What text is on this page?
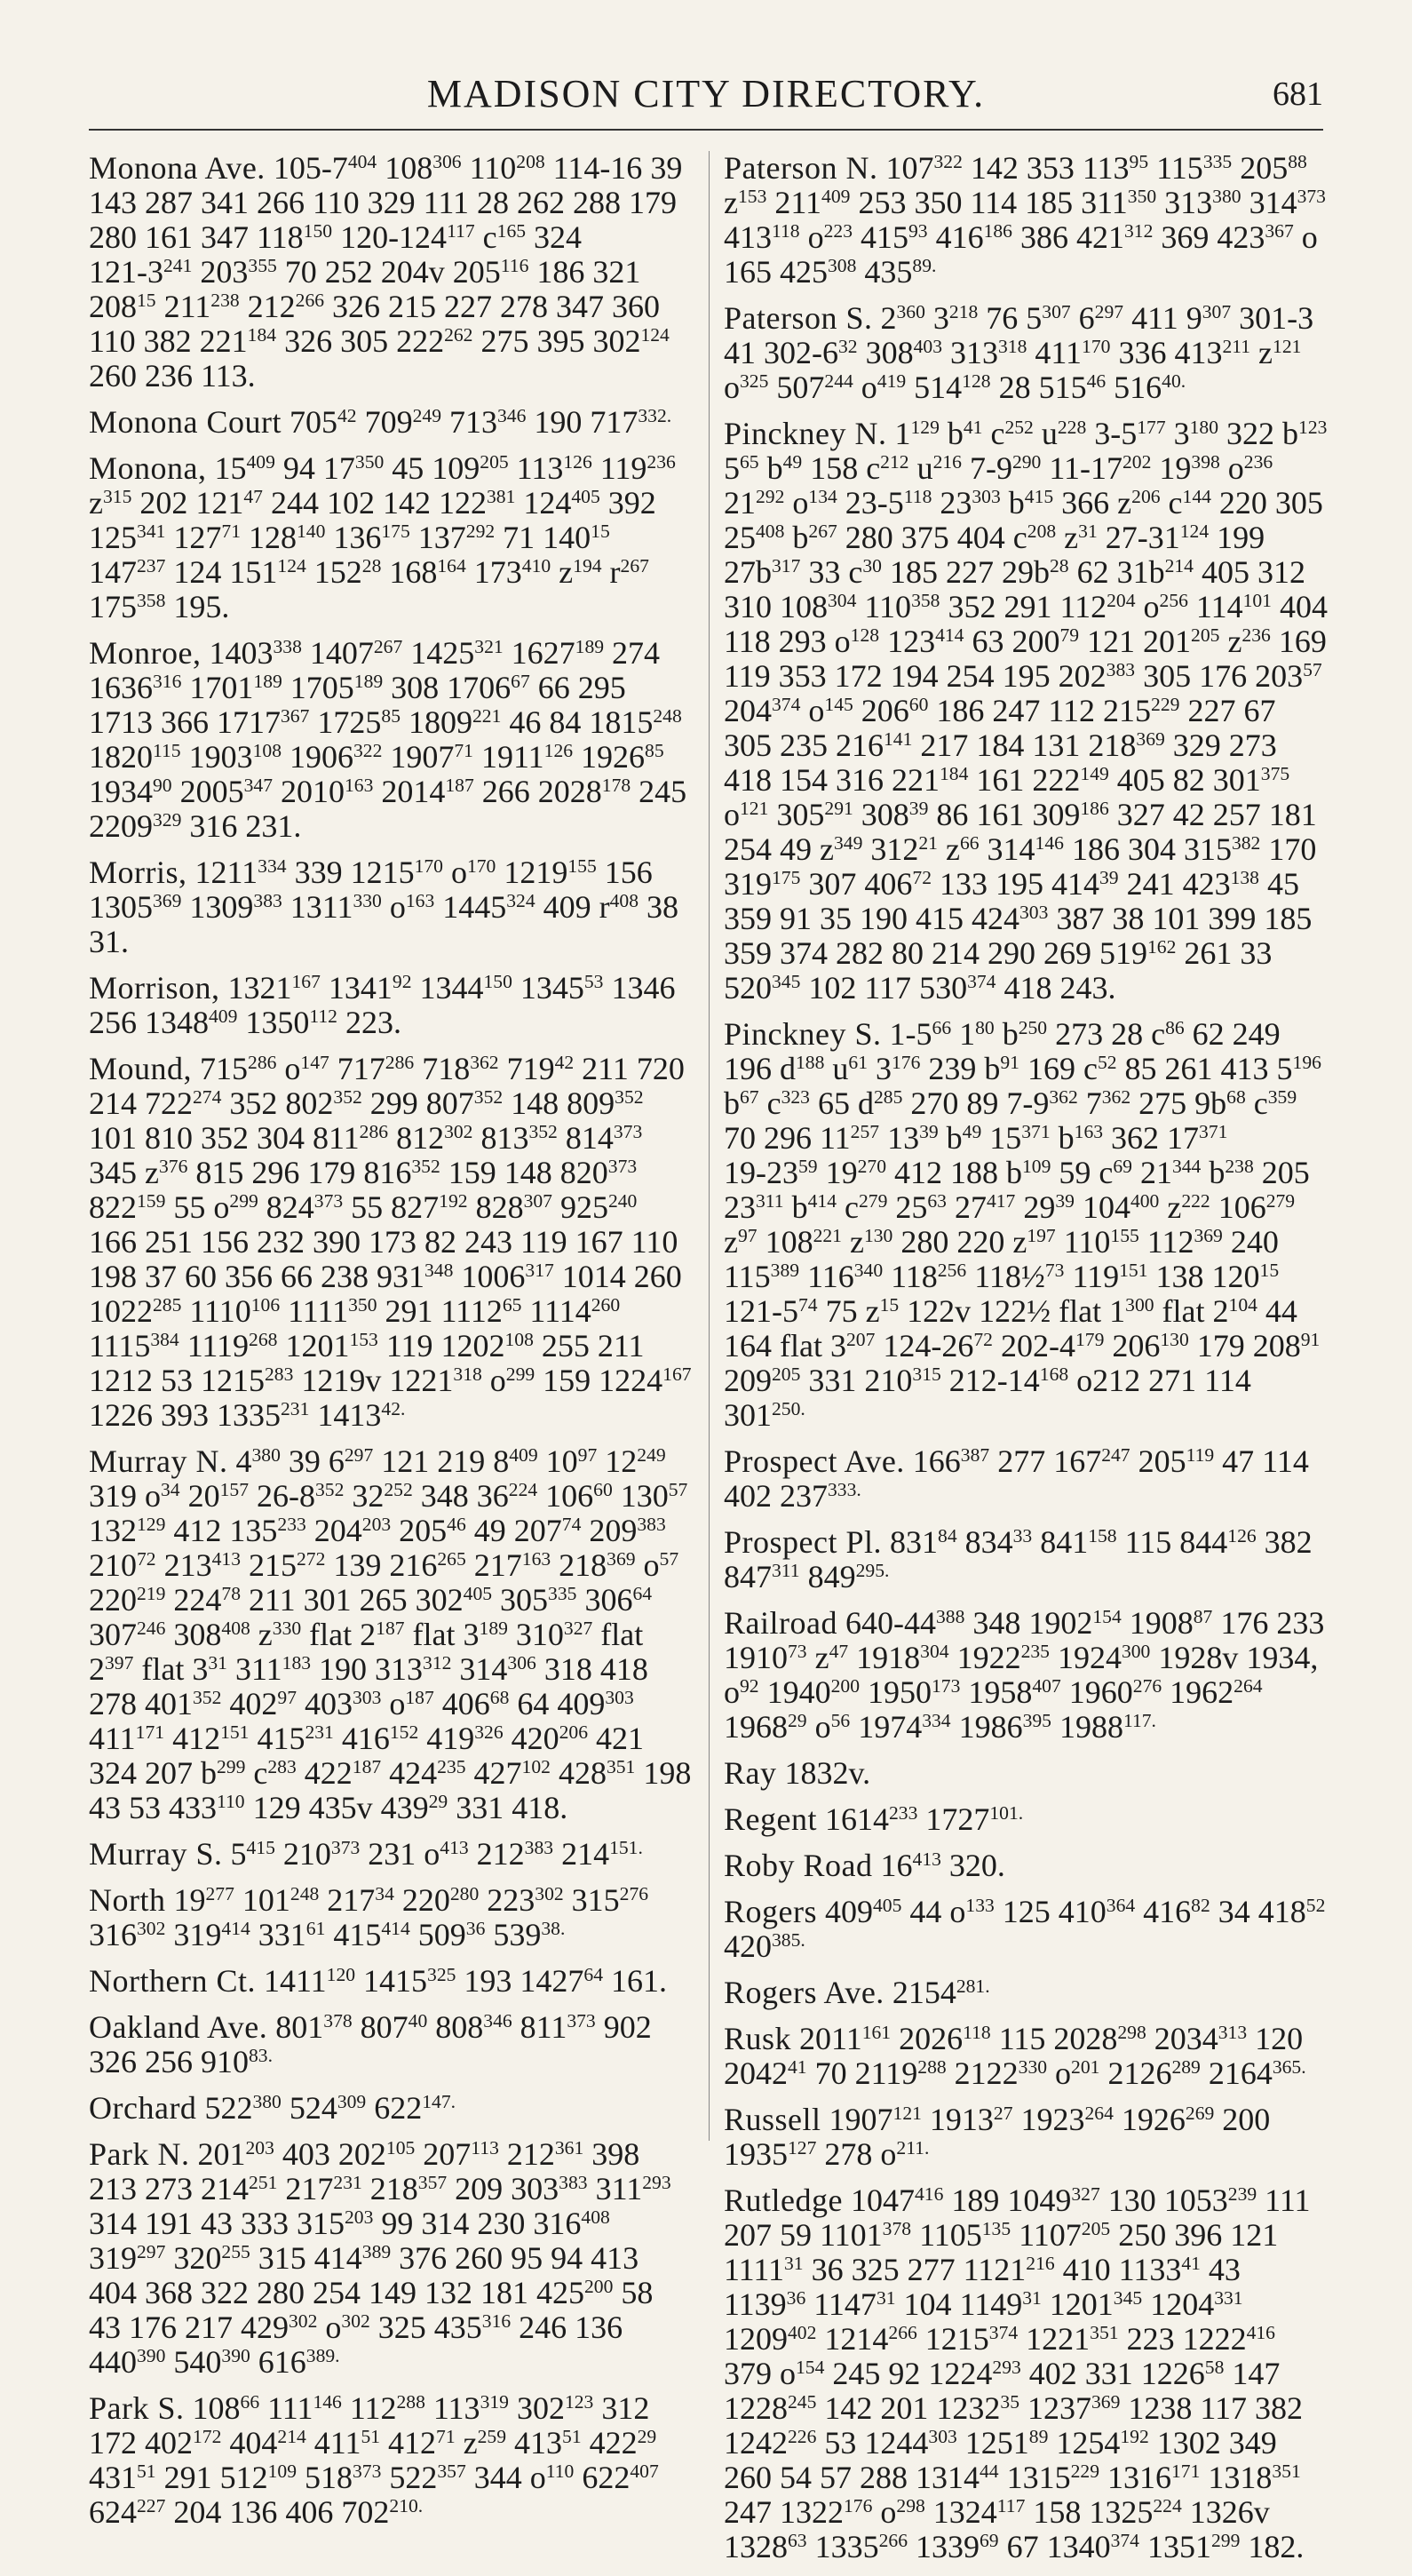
MADISON CITY DIRECTORY.	681
Monona Ave. $105-7^{404}$ $108^{306}$ $110^{208}$ 114-16 39 143 287 341 266 110 329 111 28 262 288 179 280 161 347 $118^{150}$ $120-124^{117}$ $c^{165}$ 324 $121-3^{241}$ $203^{355}$ 70 252 204v $205^{116}$ 186 321 $208^{15}$ $211^{238}$ $212^{266}$ 326 215 227 278 347 360 110 382 $221^{184}$ 326 305 $222^{262}$ 275 395 $302^{124}$ 260 236 113.
Monona Court $705^{42}$ $709^{249}$ $713^{346}$ 190 $717^{332.}$
Monona, $15^{409}$ 94 $17^{350}$ 45 $109^{205}$ $113^{126}$ $119^{236}$ $z^{315}$ 202 $121^{47}$ 244 102 142 $122^{381}$ $124^{405}$ 392 $125^{341}$ $127^{71}$ $128^{140}$ $136^{175}$ $137^{292}$ 71 $140^{15}$ $147^{237}$ 124 $151^{124}$ $152^{28}$ $168^{164}$ $173^{410}$ $z^{194}$ $r^{267}$ $175^{358}$ 195.
Monroe, 1403$^{338}$ 1407$^{267}$ 1425$^{321}$ 1627$^{189}$ 274 1636$^{316}$ 1701$^{189}$ 1705$^{189}$ 308 1706$^{67}$ 66 295 1713 366 1717$^{367}$ 1725$^{85}$ 1809$^{221}$ 46 84 1815$^{248}$ 1820$^{115}$ 1903$^{108}$ 1906$^{322}$ 1907$^{71}$ 1911$^{126}$ 1926$^{85}$ 1934$^{90}$ 2005$^{347}$ 2010$^{163}$ 2014$^{187}$ 266 2028$^{178}$ 245 2209$^{329}$ 316 231.
Morris, 1211$^{334}$ 339 1215$^{170}$ $o^{170}$ 1219$^{155}$ 156 1305$^{369}$ 1309$^{383}$ 1311$^{330}$ $o^{163}$ 1445$^{324}$ 409 $r^{408}$ 38 31.
Morrison, 1321$^{167}$ 1341$^{92}$ 1344$^{150}$ 1345$^{53}$ 1346 256 1348$^{409}$ 1350$^{112}$ 223.
Mound, $715^{286}$ $o^{147}$ $717^{286}$ $718^{362}$ $719^{42}$ 211 720 214 $722^{274}$ 352 $802^{352}$ 299 $807^{352}$ 148 $809^{352}$ 101 810 352 304 $811^{286}$ $812^{302}$ $813^{352}$ $814^{373}$ 345 $z^{376}$ 815 296 179 $816^{352}$ 159 148 $820^{373}$ $822^{159}$ 55 $o^{299}$ $824^{373}$ 55 $827^{192}$ $828^{307}$ $925^{240}$ 166 251 156 232 390 173 82 243 119 167 110 198 37 60 356 66 238 $931^{348}$ 1006$^{317}$ 1014 260 1022$^{285}$ 1110$^{106}$ 1111$^{350}$ 291 1112$^{65}$ 1114$^{260}$ 1115$^{384}$ 1119$^{268}$ 1201$^{153}$ 119 1202$^{108}$ 255 211 1212 53 1215$^{283}$ 1219v 1221$^{318}$ $o^{299}$ 159 1224$^{167}$ 1226 393 1335$^{231}$ $1413^{42.}$
Murray N. $4^{380}$ 39 $6^{297}$ 121 219 $8^{409}$ $10^{97}$ $12^{249}$ 319 $o^{34}$ $20^{157}$ $26-8^{352}$ $32^{252}$ 348 $36^{224}$ $106^{60}$ $130^{57}$ $132^{129}$ 412 $135^{233}$ $204^{203}$ $205^{46}$ 49 $207^{74}$ $209^{383}$ $210^{72}$ $213^{413}$ $215^{272}$ 139 $216^{265}$ $217^{163}$ $218^{369}$ $o^{57}$ $220^{219}$ $224^{78}$ 211 301 265 $302^{405}$ $305^{335}$ $306^{64}$ $307^{246}$ $308^{408}$ $z^{330}$ flat $2^{187}$ flat $3^{189}$ $310^{327}$ flat $2^{397}$ flat $3^{31}$ $311^{183}$ 190 $313^{312}$ $314^{306}$ 318 418 278 $401^{352}$ $402^{97}$ $403^{303}$ $o^{187}$ $406^{68}$ 64 $409^{303}$ $411^{171}$ $412^{151}$ $415^{231}$ $416^{152}$ $419^{326}$ $420^{206}$ 421 324 207 $b^{299}$ $c^{283}$ $422^{187}$ $424^{235}$ $427^{102}$ $428^{351}$ 198 43 53 $433^{110}$ 129 435v $439^{29}$ 331 418.
Murray S. $5^{415}$ $210^{373}$ 231 $o^{413}$ $212^{383}$ $214^{151.}$
North $19^{277}$ $101^{248}$ $217^{34}$ $220^{280}$ $223^{302}$ $315^{276}$ $316^{302}$ $319^{414}$ $331^{61}$ $415^{414}$ $509^{36}$ $539^{38.}$
Northern Ct. 1411$^{120}$ 1415$^{325}$ 193 1427$^{64}$ 161.
Oakland Ave. $801^{378}$ $807^{40}$ $808^{346}$ $811^{373}$ 902 326 256 $910^{83.}$
Orchard $522^{380}$ $524^{309}$ $622^{147.}$
Park N. $201^{203}$ 403 $202^{105}$ $207^{113}$ $212^{361}$ 398 213 273 $214^{251}$ $217^{231}$ $218^{357}$ 209 $303^{383}$ $311^{293}$ 314 191 43 333 $315^{203}$ 99 314 230 $316^{408}$ $319^{297}$ $320^{255}$ 315 $414^{389}$ 376 260 95 94 413 404 368 322 280 254 149 132 181 $425^{200}$ 58 43 176 217 $429^{302}$ $o^{302}$ 325 $435^{316}$ 246 136 $440^{390}$ $540^{390}$ $616^{389.}$
Park S. $108^{66}$ $111^{146}$ $112^{288}$ $113^{319}$ $302^{123}$ 312 172 $402^{172}$ $404^{214}$ $411^{51}$ $412^{71}$ $z^{259}$ $413^{51}$ $422^{29}$ $431^{51}$ 291 $512^{109}$ $518^{373}$ $522^{357}$ 344 $o^{110}$ $622^{407}$ $624^{227}$ 204 136 406 $702^{210.}$
Paterson N. $107^{322}$ 142 353 $113^{95}$ $115^{335}$ $205^{88}$ $z^{153}$ $211^{409}$ 253 350 114 185 $311^{350}$ $313^{380}$ $314^{373}$ $413^{118}$ $o^{223}$ $415^{93}$ $416^{186}$ 386 $421^{312}$ 369 $423^{367}$ o 165 $425^{308}$ $435^{89.}$
Paterson S. $2^{360}$ $3^{218}$ 76 $5^{307}$ $6^{297}$ 411 $9^{307}$ 301-3 41 $302-6^{32}$ $308^{403}$ $313^{318}$ $411^{170}$ 336 $413^{211}$ $z^{121}$ $o^{325}$ $507^{244}$ $o^{419}$ $514^{128}$ 28 $515^{46}$ $516^{40.}$
Pinckney N. $1^{129}$ $b^{41}$ $c^{252}$ $u^{228}$ $3-5^{177}$ $3^{180}$ 322 $b^{123}$ $5^{65}$ $b^{49}$ 158 $c^{212}$ $u^{216}$ $7-9^{290}$ $11-17^{202}$ $19^{398}$ $o^{236}$ $21^{292}$ $o^{134}$ $23-5^{118}$ $23^{303}$ $b^{415}$ 366 $z^{206}$ $c^{144}$ 220 305 $25^{408}$ $b^{267}$ 280 375 404 $c^{208}$ $z^{31}$ $27-31^{124}$ 199 $27b^{317}$ 33 $c^{30}$ 185 227 $29b^{28}$ 62 $31b^{214}$ 405 312 310 $108^{304}$ $110^{358}$ 352 291 $112^{204}$ $o^{256}$ $114^{101}$ 404 118 293 $o^{128}$ $123^{414}$ 63 $200^{79}$ 121 $201^{205}$ $z^{236}$ 169 119 353 172 194 254 195 $202^{383}$ 305 176 $203^{57}$ $204^{374}$ $o^{145}$ $206^{60}$ 186 247 112 $215^{229}$ 227 67 305 235 $216^{141}$ 217 184 131 $218^{369}$ 329 273 418 154 316 $221^{184}$ 161 $222^{149}$ 405 82 $301^{375}$ $o^{121}$ $305^{291}$ $308^{39}$ 86 161 $309^{186}$ 327 42 257 181 254 49 $z^{349}$ $312^{21}$ $z^{66}$ $314^{146}$ 186 304 $315^{382}$ 170 $319^{175}$ 307 $406^{72}$ 133 195 $414^{39}$ 241 $423^{138}$ 45 359 91 35 190 415 $424^{303}$ 387 38 101 399 185 359 374 282 80 214 290 269 $519^{162}$ 261 33 $520^{345}$ 102 117 $530^{374}$ 418 243.
Pinckney S. $1-5^{66}$ $1^{80}$ $b^{250}$ 273 28 $c^{86}$ 62 249 196 $d^{188}$ $u^{61}$ $3^{176}$ 239 $b^{91}$ 169 $c^{52}$ 85 261 413 $5^{196}$ $b^{67}$ $c^{323}$ 65 $d^{285}$ 270 89 $7-9^{362}$ $7^{362}$ 275 $9b^{68}$ $c^{359}$ 70 296 $11^{257}$ $13^{39}$ $b^{49}$ $15^{371}$ $b^{163}$ 362 $17^{371}$ $19-23^{59}$ $19^{270}$ 412 188 $b^{109}$ 59 $c^{69}$ $21^{344}$ $b^{238}$ 205 $23^{311}$ $b^{414}$ $c^{279}$ $25^{63}$ $27^{417}$ $29^{39}$ $104^{400}$ $z^{222}$ $106^{279}$ $z^{97}$ $108^{221}$ $z^{130}$ 280 220 $z^{197}$ $110^{155}$ $112^{369}$ 240 $115^{389}$ $116^{340}$ $118^{256}$ 118½$^{73}$ $119^{151}$ 138 $120^{15}$ $121-5^{74}$ 75 $z^{15}$ 122v 122½ flat $1^{300}$ flat $2^{104}$ 44 164 flat $3^{207}$ $124-26^{72}$ $202-4^{179}$ $206^{130}$ 179 $208^{91}$ $209^{205}$ 331 $210^{315}$ $212-14^{168}$ o212 271 114 $301^{250.}$
Prospect Ave. $166^{387}$ 277 $167^{247}$ $205^{119}$ 47 114 402 $237^{333.}$
Prospect Pl. $831^{84}$ $834^{33}$ $841^{158}$ 115 $844^{126}$ 382 $847^{311}$ $849^{295.}$
Railroad $640-44^{388}$ 348 1902$^{154}$ 1908$^{87}$ 176 233 1910$^{73}$ $z^{47}$ 1918$^{304}$ 1922$^{235}$ 1924$^{300}$ 1928v 1934, $o^{92}$ 1940$^{200}$ 1950$^{173}$ 1958$^{407}$ 1960$^{276}$ 1962$^{264}$ 1968$^{29}$ $o^{56}$ 1974$^{334}$ 1986$^{395}$ $1988^{117.}$
Ray 1832v.
Regent 1614$^{233}$ $1727^{101.}$
Roby Road $16^{413}$ 320.
Rogers $409^{405}$ 44 $o^{133}$ 125 $410^{364}$ $416^{82}$ 34 $418^{52}$ $420^{385.}$
Rogers Ave. $2154^{281.}$
Rusk 2011$^{161}$ 2026$^{118}$ 115 2028$^{298}$ 2034$^{313}$ 120 2042$^{41}$ 70 2119$^{288}$ 2122$^{330}$ $o^{201}$ 2126$^{289}$ $2164^{365.}$
Russell 1907$^{121}$ 1913$^{27}$ 1923$^{264}$ 1926$^{269}$ 200 1935$^{127}$ 278 $o^{211.}$
Rutledge 1047$^{416}$ 189 1049$^{327}$ 130 1053$^{239}$ 111 207 59 1101$^{378}$ 1105$^{135}$ 1107$^{205}$ 250 396 121 1111$^{31}$ 36 325 277 1121$^{216}$ 410 1133$^{41}$ 43 1139$^{36}$ 1147$^{31}$ 104 1149$^{31}$ 1201$^{345}$ 1204$^{331}$ 1209$^{402}$ 1214$^{266}$ 1215$^{374}$ 1221$^{351}$ 223 1222$^{416}$ 379 $o^{154}$ 245 92 1224$^{293}$ 402 331 1226$^{58}$ 147 1228$^{245}$ 142 201 1232$^{35}$ 1237$^{369}$ 1238 117 382 1242$^{226}$ 53 1244$^{303}$ 1251$^{89}$ 1254$^{192}$ 1302 349 260 54 57 288 1314$^{44}$ 1315$^{229}$ 1316$^{171}$ 1318$^{351}$ 247 1322$^{176}$ $o^{298}$ 1324$^{117}$ 158 1325$^{224}$ 1326v 1328$^{63}$ 1335$^{266}$ 1339$^{69}$ 67 1340$^{374}$ 1351$^{299}$ 182.
